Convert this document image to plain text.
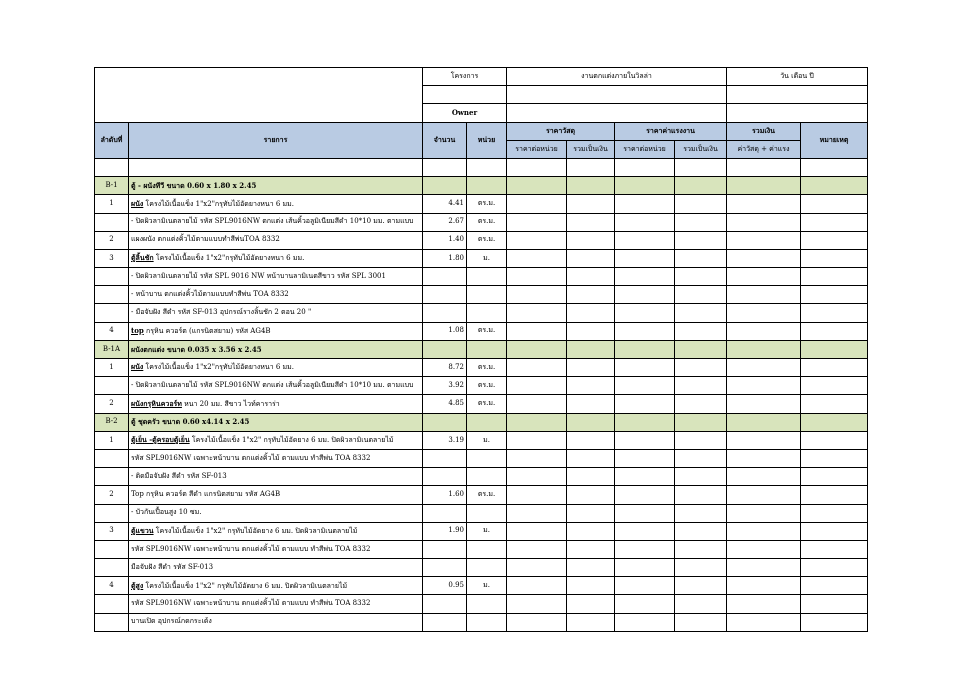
		โครงการ		งานตกแต่งภายในวิลล่า				วัน เดือน ปี	

		Owner							
ลำดับที่	รายการ	จำนวน	หน่วย	ราคาวัสดุ		ราคาค่าแรงงาน		รวมเงิน	หมายเหตุ
				ราคาต่อหน่วย	รวมเป็นเงิน	ราคาต่อหน่วย	รวมเป็นเงิน	ค่าวัสดุ + ค่าแรง	

B-1	ตู้ - ผนังทีวี ขนาด 0.60 x 1.80 x 2.45								
1	ผนัง โครงไม้เนื้อแข็ง 1"x2"กรุทับไม้อัดยางหนา 6 มม.	4.41	ตร.ม.						
	- ปิดผิวลามิเนตลายไม้ รหัส SPL9016NW ตกแต่ง เส้นคิ้วอลูมิเนียมสีดำ 10*10 มม. ตามแบบ	2.67	ตร.ม.						
2	แผงผนัง ตกแต่งคิ้วไม้ตามแบบทำสีพ่นTOA 8332	1.40	ตร.ม.						
3	ตู้ลิ้นชัก โครงไม้เนื้อแข็ง 1"x2"กรุทับไม้อัดยางหนา 6 มม.	1.80	ม.						
	- ปิดผิวลามิเนตลายไม้ รหัส SPL 9016 NW หน้าบานลามิเนตสีขาว รหัส SPL 3001								
	- หน้าบาน ตกแต่งคิ้วไม้ตามแบบทำสีพ่น TOA 8332								
	- มือจับฝัง สีดำ รหัส SF-013 อุปกรณ์รางลิ้นชัก 2 ตอน 20 "								
4	top กรุหิน ควอร์ต (แกรนิตสยาม) รหัส AG4B	1.08	ตร.ม.						
B-1A	ผนังตกแต่ง ขนาด 0.035 x 3.56 x 2.45								
1	ผนัง โครงไม้เนื้อแข็ง 1"x2"กรุทับไม้อัดยางหนา 6 มม.	8.72	ตร.ม.						
	- ปิดผิวลามิเนตลายไม้ รหัส SPL9016NW ตกแต่ง เส้นคิ้วอลูมิเนียมสีดำ 10*10 มม. ตามแบบ	3.92	ตร.ม.						
2	ผนังกรุหินควอร์ท หนา 20 มม. สีขาว ไวท์คาราร่า	4.85	ตร.ม.						
B-2	ตู้ ชุดครัว ขนาด 0.60 x4.14 x 2.45								
1	ตู้เย็น -ตู้ครอบตู้เย็น โครงไม้เนื้อแข็ง 1"x2" กรุทับไม้อัดยาง 6 มม. ปิดผิวลามิเนตลายไม้	3.19	ม.						
	รหัส SPL9016NW เฉพาะหน้าบาน ตกแต่งคิ้วไม้ ตามแบบ ทำสีพ่น TOA 8332								
	- ติดมือจับฝัง สีดำ รหัส SF-013								
2	Top กรุหิน ควอร์ต สีดำ แกรนิตสยาม รหัส AG4B	1.60	ตร.ม.						
	- บัวกันเปื้อนสูง 10 ซม.								
3	ตู้แขวน โครงไม้เนื้อแข็ง 1"x2" กรุทับไม้อัดยาง 6 มม. ปิดผิวลามิเนตลายไม้	1.90	ม.						
	รหัส SPL9016NW เฉพาะหน้าบาน ตกแต่งคิ้วไม้ ตามแบบ ทำสีพ่น TOA 8332								
	มือจับฝัง สีดำ รหัส SF-013								
4	ตู้สูง โครงไม้เนื้อแข็ง 1"x2" กรุทับไม้อัดยาง 6 มม. ปิดผิวลามิเนตลายไม้	0.95	ม.						
	รหัส SPL9016NW เฉพาะหน้าบาน ตกแต่งคิ้วไม้ ตามแบบ ทำสีพ่น TOA 8332								
	บานเปิด อุปกรณ์กดกระเด้ง								
